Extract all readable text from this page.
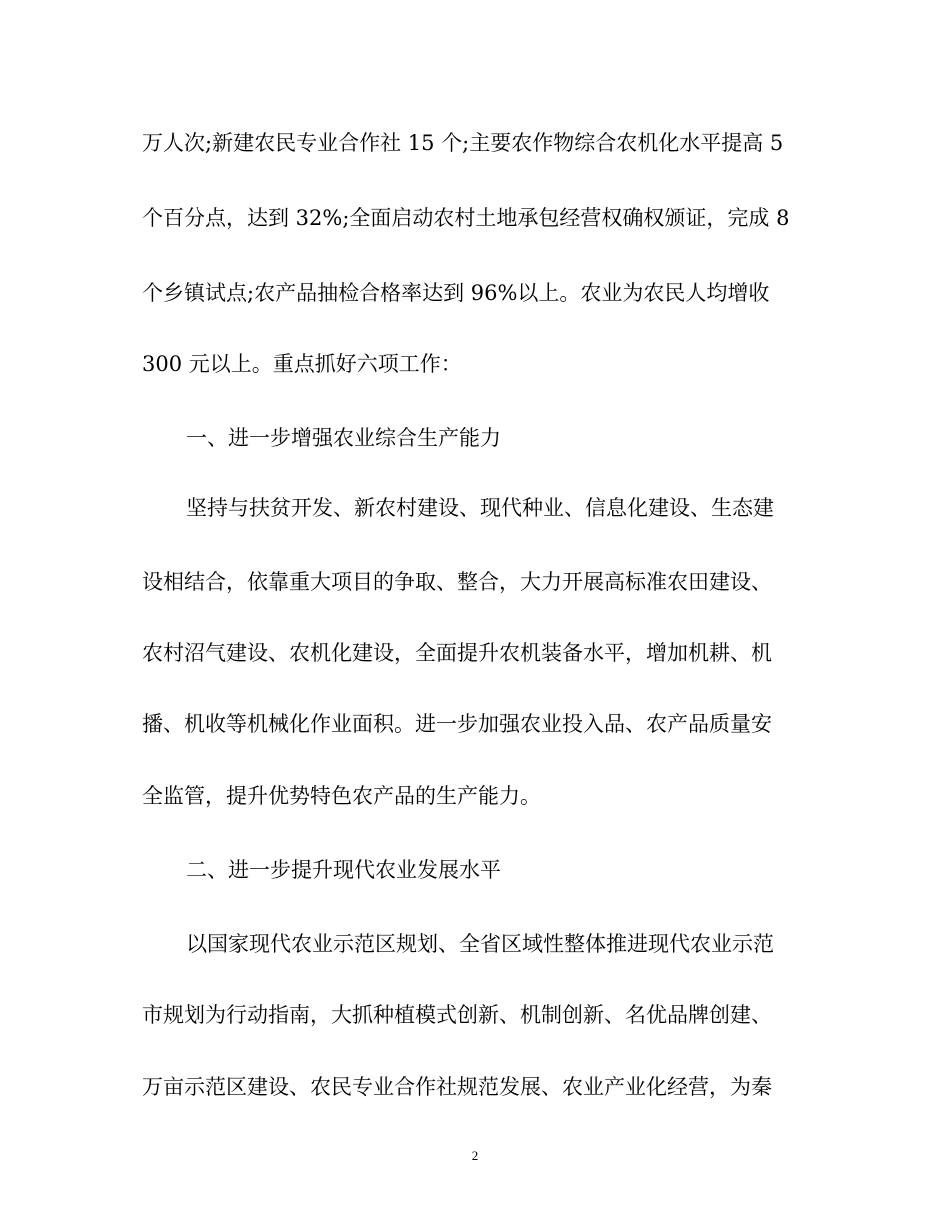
万人次;新建农民专业合作社 15 个;主要农作物综合农机化水平提高 5
个百分点，达到 32%;全面启动农村土地承包经营权确权颁证，完成 8
个乡镇试点;农产品抽检合格率达到 96%以上。农业为农民人均增收
300 元以上。重点抓好六项工作：
一、进一步增强农业综合生产能力
坚持与扶贫开发、新农村建设、现代种业、信息化建设、生态建
设相结合，依靠重大项目的争取、整合，大力开展高标准农田建设、
农村沼气建设、农机化建设，全面提升农机装备水平，增加机耕、机
播、机收等机械化作业面积。进一步加强农业投入品、农产品质量安
全监管，提升优势特色农产品的生产能力。
二、进一步提升现代农业发展水平
以国家现代农业示范区规划、全省区域性整体推进现代农业示范
市规划为行动指南，大抓种植模式创新、机制创新、名优品牌创建、
万亩示范区建设、农民专业合作社规范发展、农业产业化经营，为秦
2
